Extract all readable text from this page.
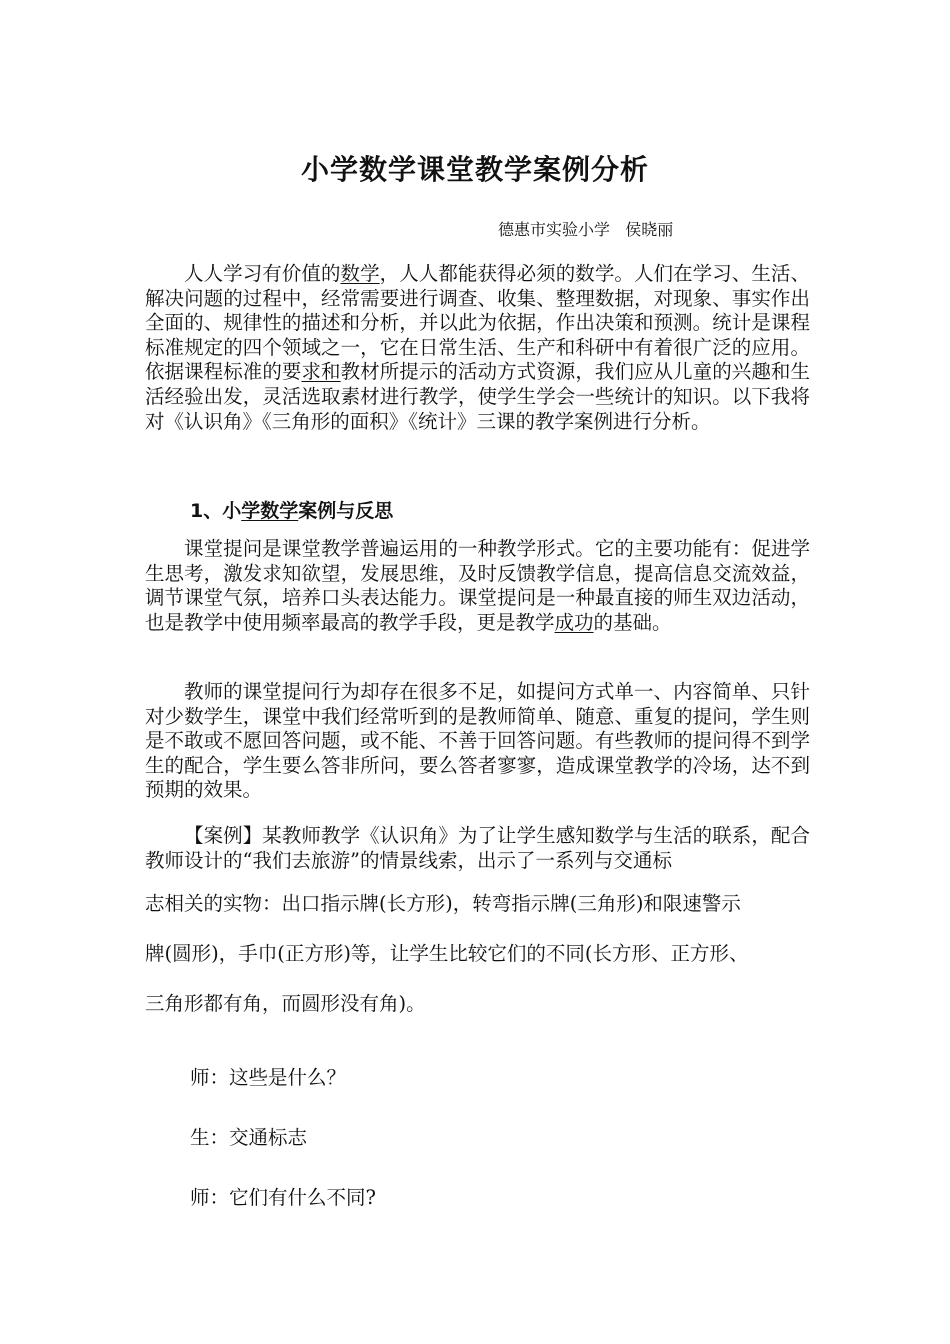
小学数学课堂教学案例分析
德惠市实验小学   侯晓丽

人人学习有价值的数学，人人都能获得必须的数学。人们在学习、生活、解决问题的过程中，经常需要进行调查、收集、整理数据，对现象、事实作出全面的、规律性的描述和分析，并以此为依据，作出决策和预测。统计是课程标准规定的四个领域之一，它在日常生活、生产和科研中有着很广泛的应用。依据课程标准的要求和教材所提示的活动方式资源，我们应从儿童的兴趣和生活经验出发，灵活选取素材进行教学，使学生学会一些统计的知识。以下我将对《认识角》《三角形的面积》《统计》三课的教学案例进行分析。

1、小学数学案例与反思

课堂提问是课堂教学普遍运用的一种教学形式。它的主要功能有：促进学生思考，激发求知欲望，发展思维，及时反馈教学信息，提高信息交流效益，调节课堂气氛，培养口头表达能力。课堂提问是一种最直接的师生双边活动，也是教学中使用频率最高的教学手段，更是教学成功的基础。

教师的课堂提问行为却存在很多不足，如提问方式单一、内容简单、只针对少数学生，课堂中我们经常听到的是教师简单、随意、重复的提问，学生则是不敢或不愿回答问题，或不能、不善于回答问题。有些教师的提问得不到学生的配合，学生要么答非所问，要么答者寥寥，造成课堂教学的冷场，达不到预期的效果。

【案例】某教师教学《认识角》为了让学生感知数学与生活的联系，配合教师设计的“我们去旅游”的情景线索，出示了一系列与交通标

志相关的实物：出口指示牌(长方形)，转弯指示牌(三角形)和限速警示
牌(圆形)，手巾(正方形)等，让学生比较它们的不同(长方形、正方形、
三角形都有角，而圆形没有角)。
师：这些是什么？
生：交通标志
师：它们有什么不同?
